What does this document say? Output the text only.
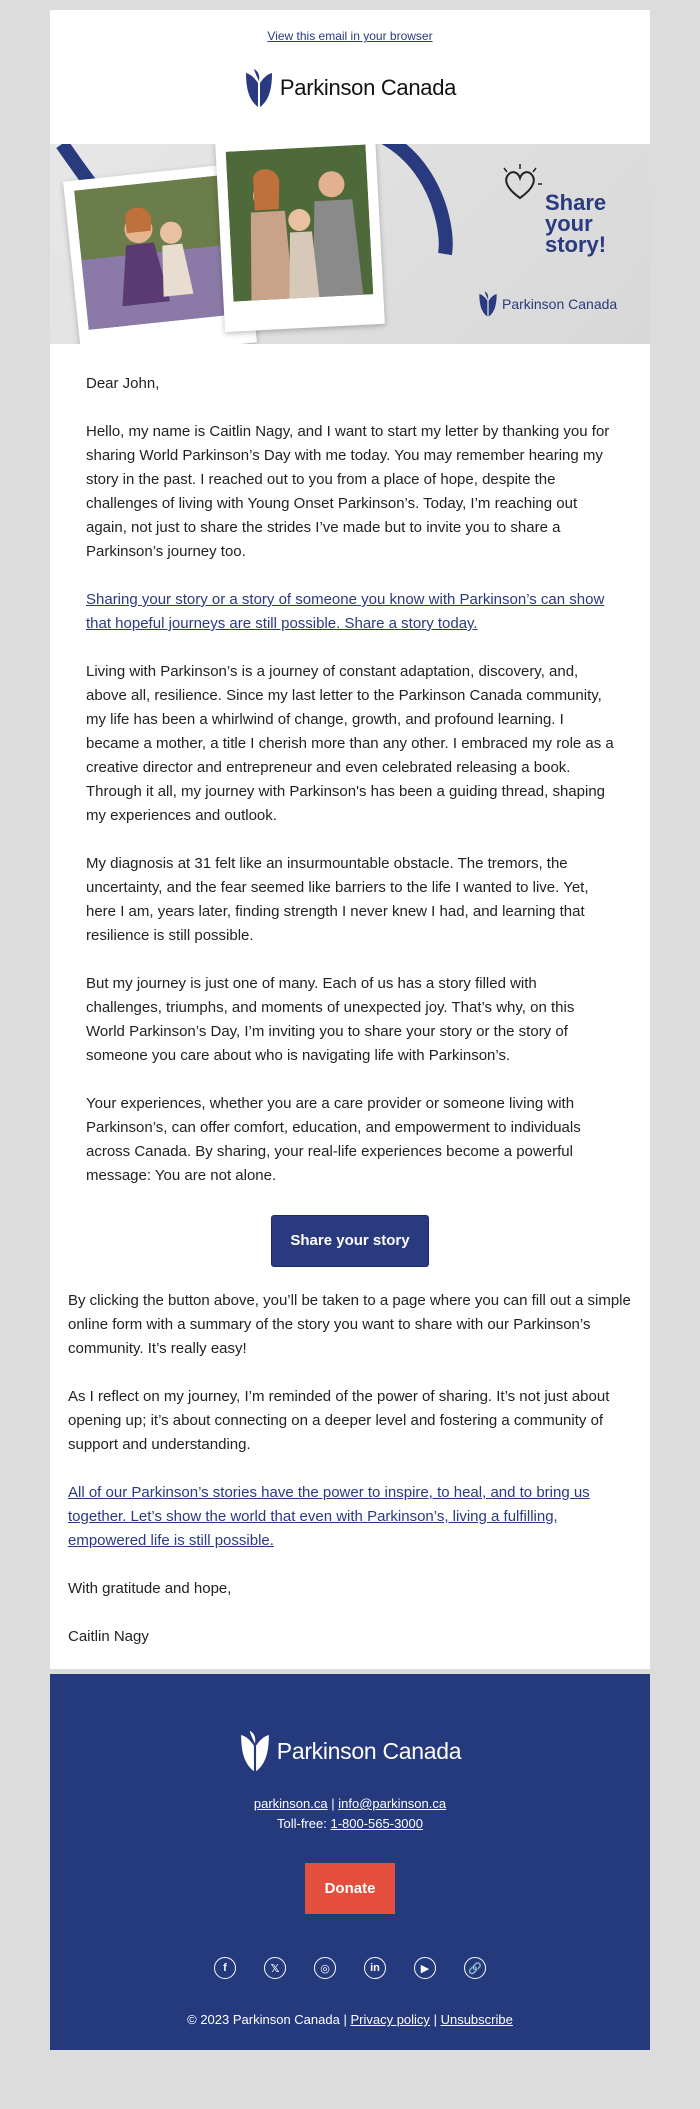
View this email in your browser
Parkinson Canada
Share
your
story!
Parkinson Canada

Dear John,

Hello, my name is Caitlin Nagy, and I want to start my letter by thanking you for sharing World Parkinson’s Day with me today. You may remember hearing my story in the past. I reached out to you from a place of hope, despite the challenges of living with Young Onset Parkinson’s. Today, I’m reaching out again, not just to share the strides I’ve made but to invite you to share a Parkinson’s journey too.

Sharing your story or a story of someone you know with Parkinson’s can show that hopeful journeys are still possible. Share a story today.

Living with Parkinson’s is a journey of constant adaptation, discovery, and, above all, resilience. Since my last letter to the Parkinson Canada community, my life has been a whirlwind of change, growth, and profound learning. I became a mother, a title I cherish more than any other. I embraced my role as a creative director and entrepreneur and even celebrated releasing a book. Through it all, my journey with Parkinson's has been a guiding thread, shaping my experiences and outlook.

My diagnosis at 31 felt like an insurmountable obstacle. The tremors, the uncertainty, and the fear seemed like barriers to the life I wanted to live. Yet, here I am, years later, finding strength I never knew I had, and learning that resilience is still possible.

But my journey is just one of many. Each of us has a story filled with challenges, triumphs, and moments of unexpected joy. That’s why, on this World Parkinson’s Day, I’m inviting you to share your story or the story of someone you care about who is navigating life with Parkinson’s.

Your experiences, whether you are a care provider or someone living with Parkinson’s, can offer comfort, education, and empowerment to individuals across Canada. By sharing, your real-life experiences become a powerful message: You are not alone.

Share your story

By clicking the button above, you’ll be taken to a page where you can fill out a simple online form with a summary of the story you want to share with our Parkinson’s community. It’s really easy!

As I reflect on my journey, I’m reminded of the power of sharing. It’s not just about opening up; it’s about connecting on a deeper level and fostering a community of support and understanding.

All of our Parkinson’s stories have the power to inspire, to heal, and to bring us together. Let’s show the world that even with Parkinson’s, living a fulfilling, empowered life is still possible.

With gratitude and hope,

Caitlin Nagy

Parkinson Canada
parkinson.ca | info@parkinson.ca
Toll-free: 1-800-565-3000
Donate
f	𝕏	◎	in	▶	🔗
© 2023 Parkinson Canada | Privacy policy | Unsubscribe
